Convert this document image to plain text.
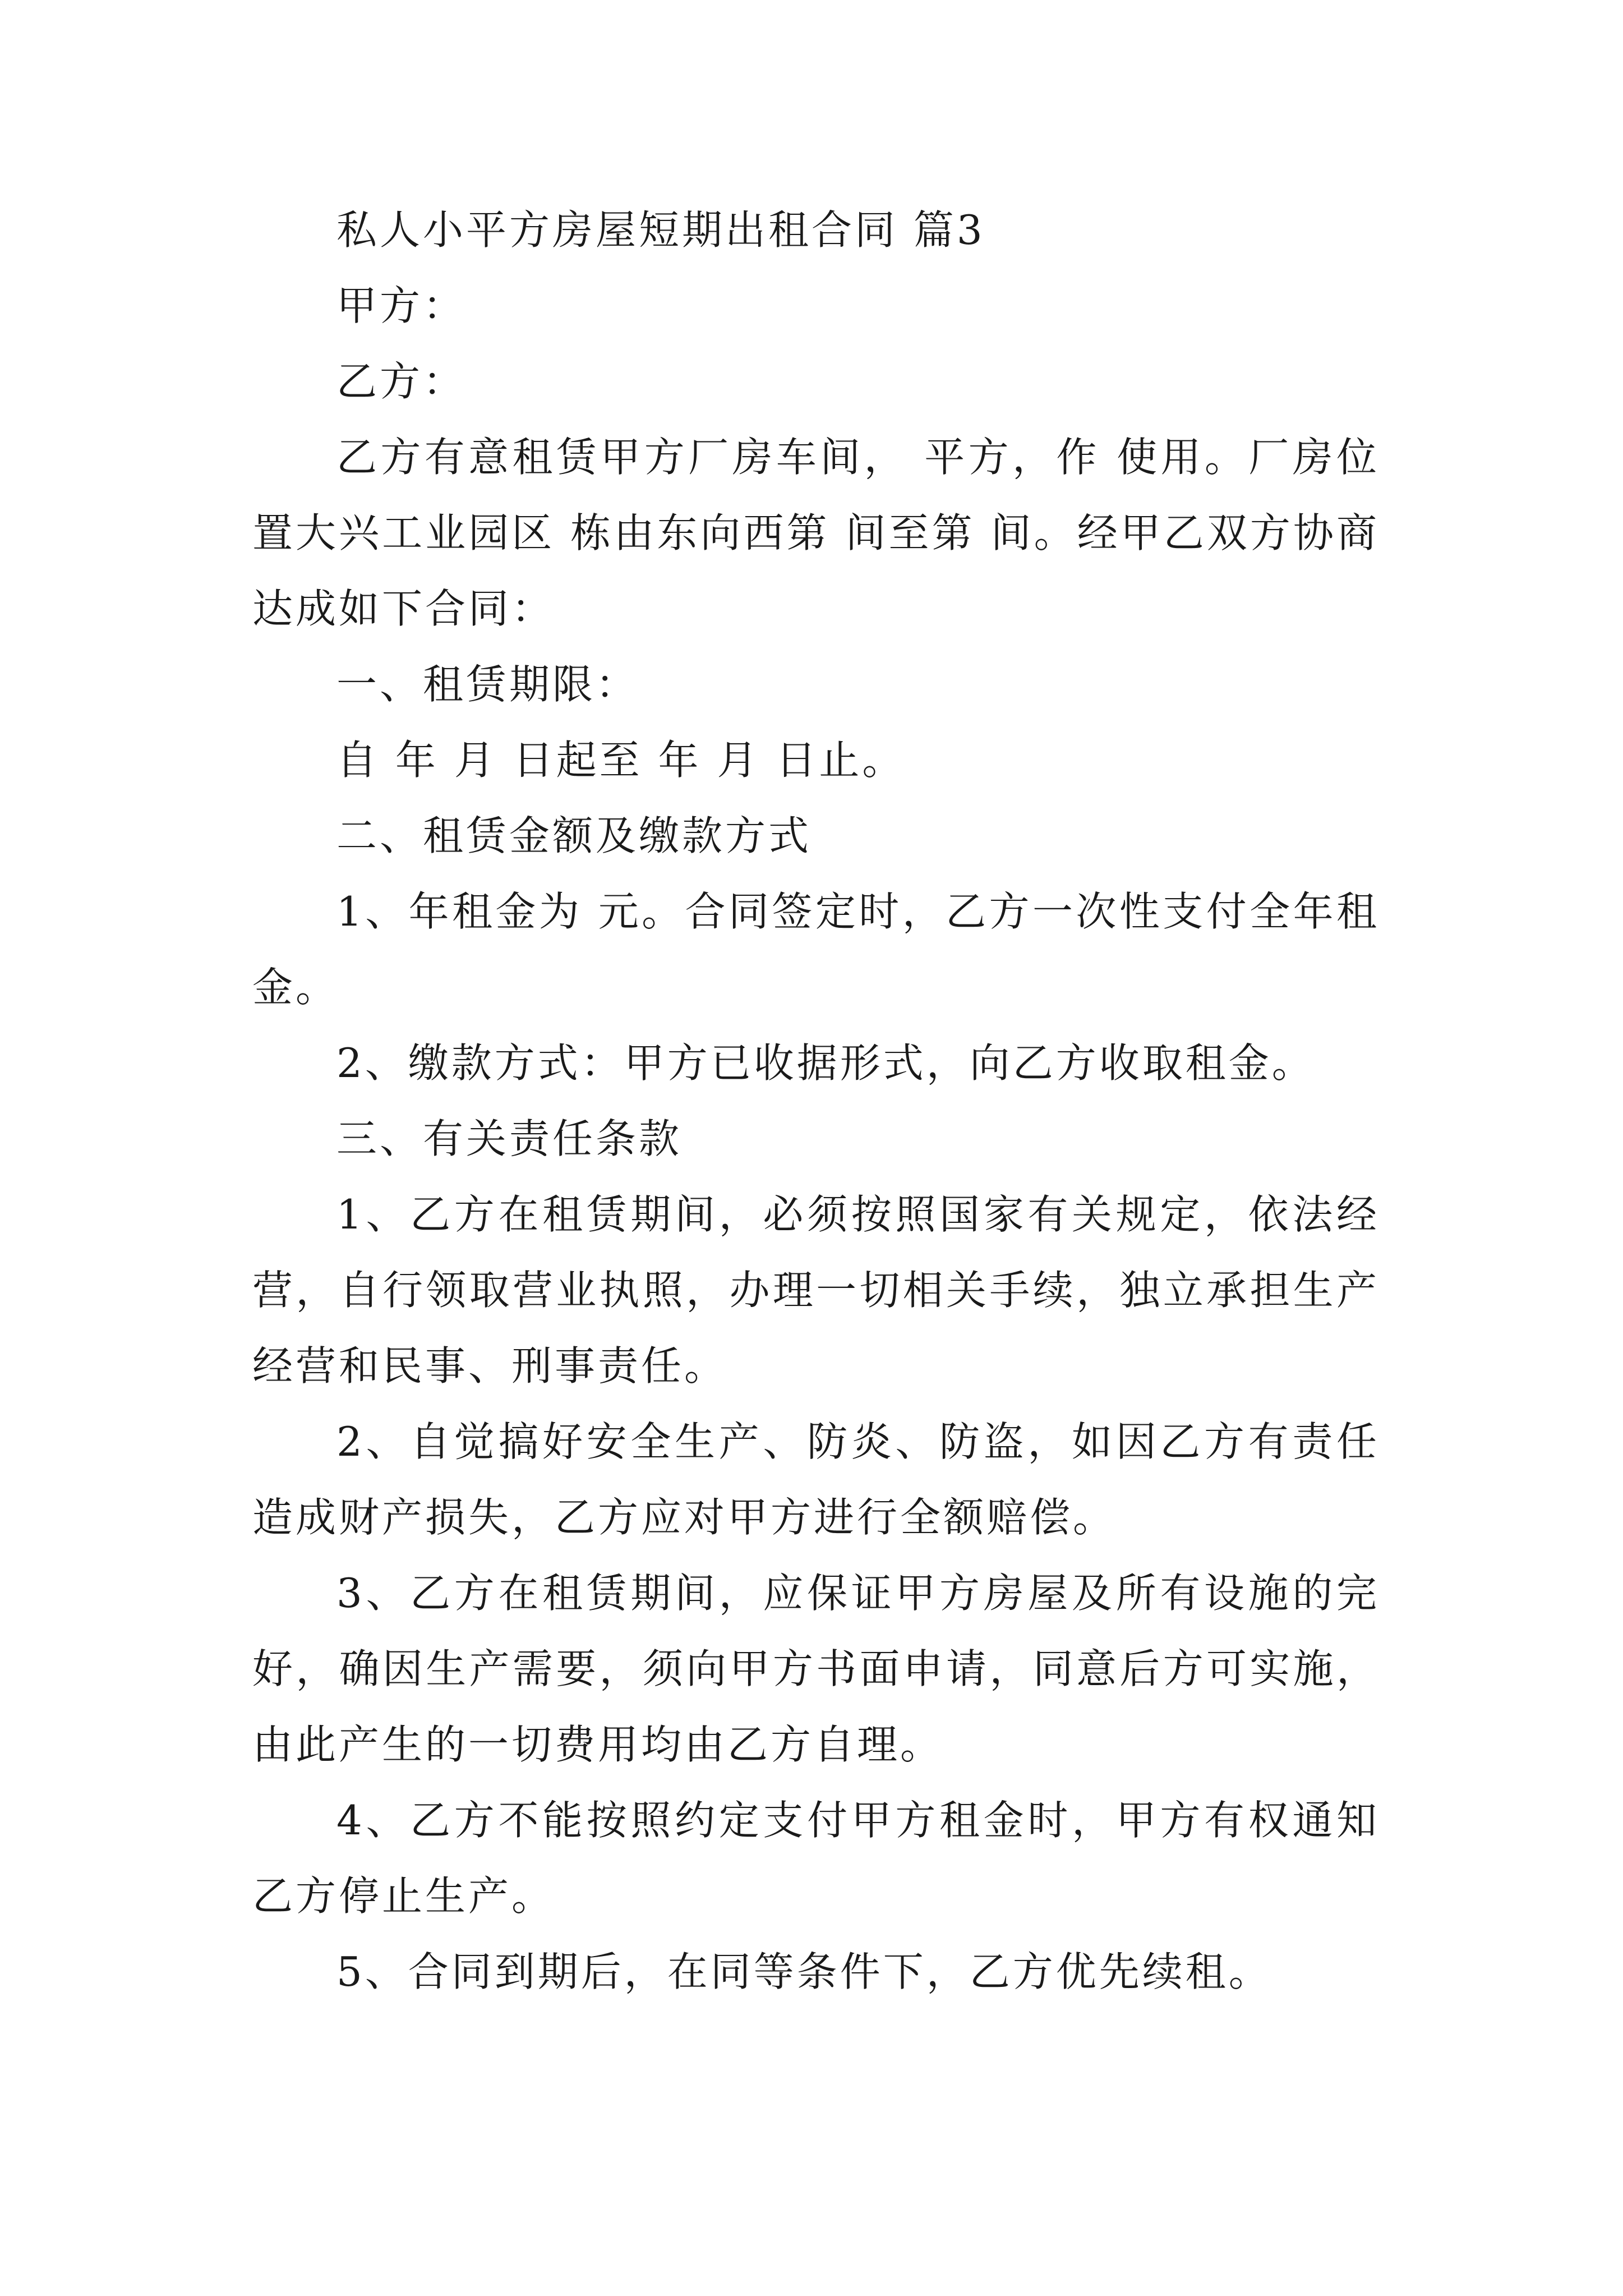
私人小平方房屋短期出租合同 篇3

甲方：

乙方：

乙方有意租赁甲方厂房车间， 平方，作 使用。厂房位置大兴工业园区 栋由东向西第 间至第 间。经甲乙双方协商达成如下合同：

一、租赁期限：

自 年 月 日起至 年 月 日止。

二、租赁金额及缴款方式

1、年租金为 元。合同签定时，乙方一次性支付全年租金。

2、缴款方式：甲方已收据形式，向乙方收取租金。

三、有关责任条款

1、乙方在租赁期间，必须按照国家有关规定，依法经营，自行领取营业执照，办理一切相关手续，独立承担生产经营和民事、刑事责任。

2、自觉搞好安全生产、防炎、防盗，如因乙方有责任造成财产损失，乙方应对甲方进行全额赔偿。

3、乙方在租赁期间，应保证甲方房屋及所有设施的完好，确因生产需要，须向甲方书面申请，同意后方可实施，由此产生的一切费用均由乙方自理。

4、乙方不能按照约定支付甲方租金时，甲方有权通知乙方停止生产。

5、合同到期后，在同等条件下，乙方优先续租。
